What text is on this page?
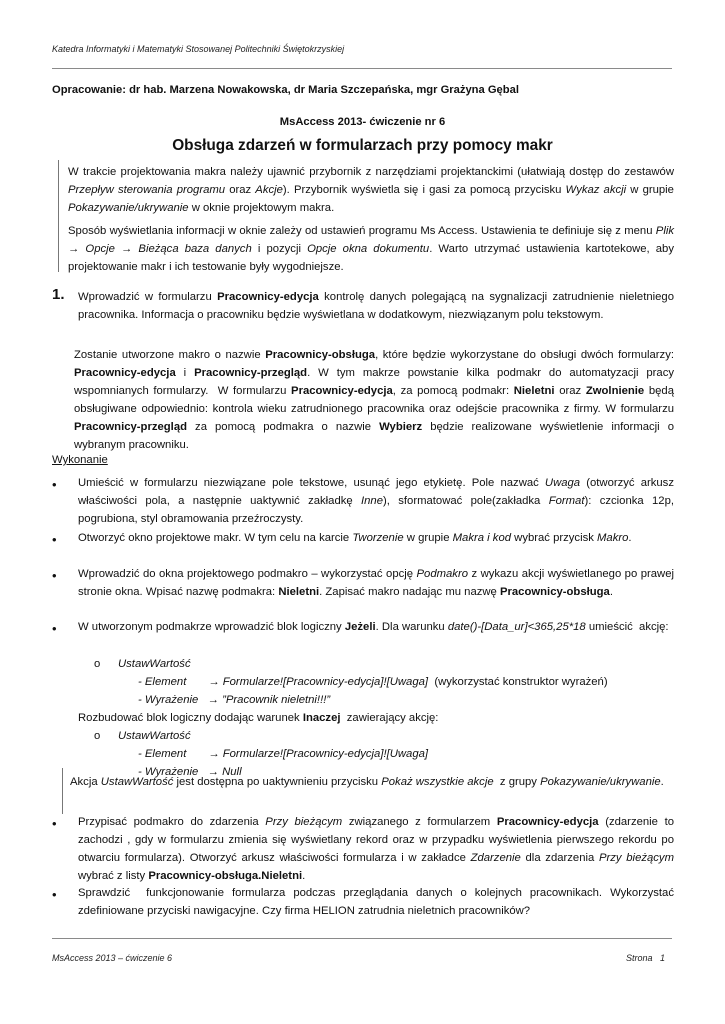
Katedra Informatyki i Matematyki Stosowanej Politechniki Świętokrzyskiej
Opracowanie: dr hab. Marzena Nowakowska, dr Maria Szczepańska, mgr Grażyna Gębal
MsAccess 2013- ćwiczenie nr 6
Obsługa zdarzeń w formularzach przy pomocy makr

W trakcie projektowania makra należy ujawnić przybornik z narzędziami projektanckimi (ułatwiają dostęp do zestawów Przepływ sterowania programu oraz Akcje). Przybornik wyświetla się i gasi za pomocą przycisku Wykaz akcji w grupie Pokazywanie/ukrywanie w oknie projektowym makra.

Sposób wyświetlania informacji w oknie zależy od ustawień programu Ms Access. Ustawienia te definiuje się z menu Plik → Opcje → Bieżąca baza danych i pozycji Opcje okna dokumentu. Warto utrzymać ustawienia kartotekowe, aby projektowanie makr i ich testowanie były wygodniejsze.

1. Wprowadzić w formularzu Pracownicy-edycja kontrolę danych polegającą na sygnalizacji zatrudnienie nieletniego pracownika. Informacja o pracowniku będzie wyświetlana w dodatkowym, niezwiązanym polu tekstowym.
Zostanie utworzone makro o nazwie Pracownicy-obsługa, które będzie wykorzystane do obsługi dwóch formularzy: Pracownicy-edycja i Pracownicy-przegląd. W tym makrze powstanie kilka podmakr do automatyzacji pracy wspomnianych formularzy.  W formularzu Pracownicy-edycja, za pomocą podmakr: Nieletni oraz Zwolnienie będą obsługiwane odpowiednio: kontrola wieku zatrudnionego pracownika oraz odejście pracownika z firmy. W formularzu Pracownicy-przegląd za pomocą podmakra o nazwie Wybierz będzie realizowane wyświetlenie informacji o wybranym pracowniku.
Wykonanie
• Umieścić w formularzu niezwiązane pole tekstowe, usunąć jego etykietę. Pole nazwać Uwaga (otworzyć arkusz właściwości pola, a następnie uaktywnić zakładkę Inne), sformatować pole(zakładka Format): czcionka 12p, pogrubiona, styl obramowania przeźroczysty.
• Otworzyć okno projektowe makr. W tym celu na karcie Tworzenie w grupie Makra i kod wybrać przycisk Makro.
• Wprowadzić do okna projektowego podmakro – wykorzystać opcję Podmakro z wykazu akcji wyświetlanego po prawej stronie okna. Wpisać nazwę podmakra: Nieletni. Zapisać makro nadając mu nazwę Pracownicy-obsługa.
• W utworzonym podmakrze wprowadzić blok logiczny Jeżeli. Dla warunku date()-[Data_ur]<365,25*18 umieścić  akcję:
o UstawWartość
- Element       → Formularze![Pracownicy-edycja]![Uwaga]  (wykorzystać konstruktor wyrażeń)
- Wyrażenie   → ”Pracownik nieletni!!!”
Rozbudować blok logiczny dodając warunek Inaczej  zawierający akcję:
o UstawWartość
- Element       → Formularze![Pracownicy-edycja]![Uwaga]
- Wyrażenie   → Null
Akcja UstawWartość jest dostępna po uaktywnieniu przycisku Pokaż wszystkie akcje  z grupy Pokazywanie/ukrywanie.
• Przypisać podmakro do zdarzenia Przy bieżącym związanego z formularzem Pracownicy-edycja (zdarzenie to zachodzi , gdy w formularzu zmienia się wyświetlany rekord oraz w przypadku wyświetlenia pierwszego rekordu po otwarciu formularza). Otworzyć arkusz właściwości formularza i w zakładce Zdarzenie dla zdarzenia Przy bieżącym wybrać z listy Pracownicy-obsługa.Nieletni.
• Sprawdzić  funkcjonowanie formularza podczas przeglądania danych o kolejnych pracownikach. Wykorzystać zdefiniowane przyciski nawigacyjne. Czy firma HELION zatrudnia nieletnich pracowników?
MsAccess 2013 – ćwiczenie 6	Strona   1
